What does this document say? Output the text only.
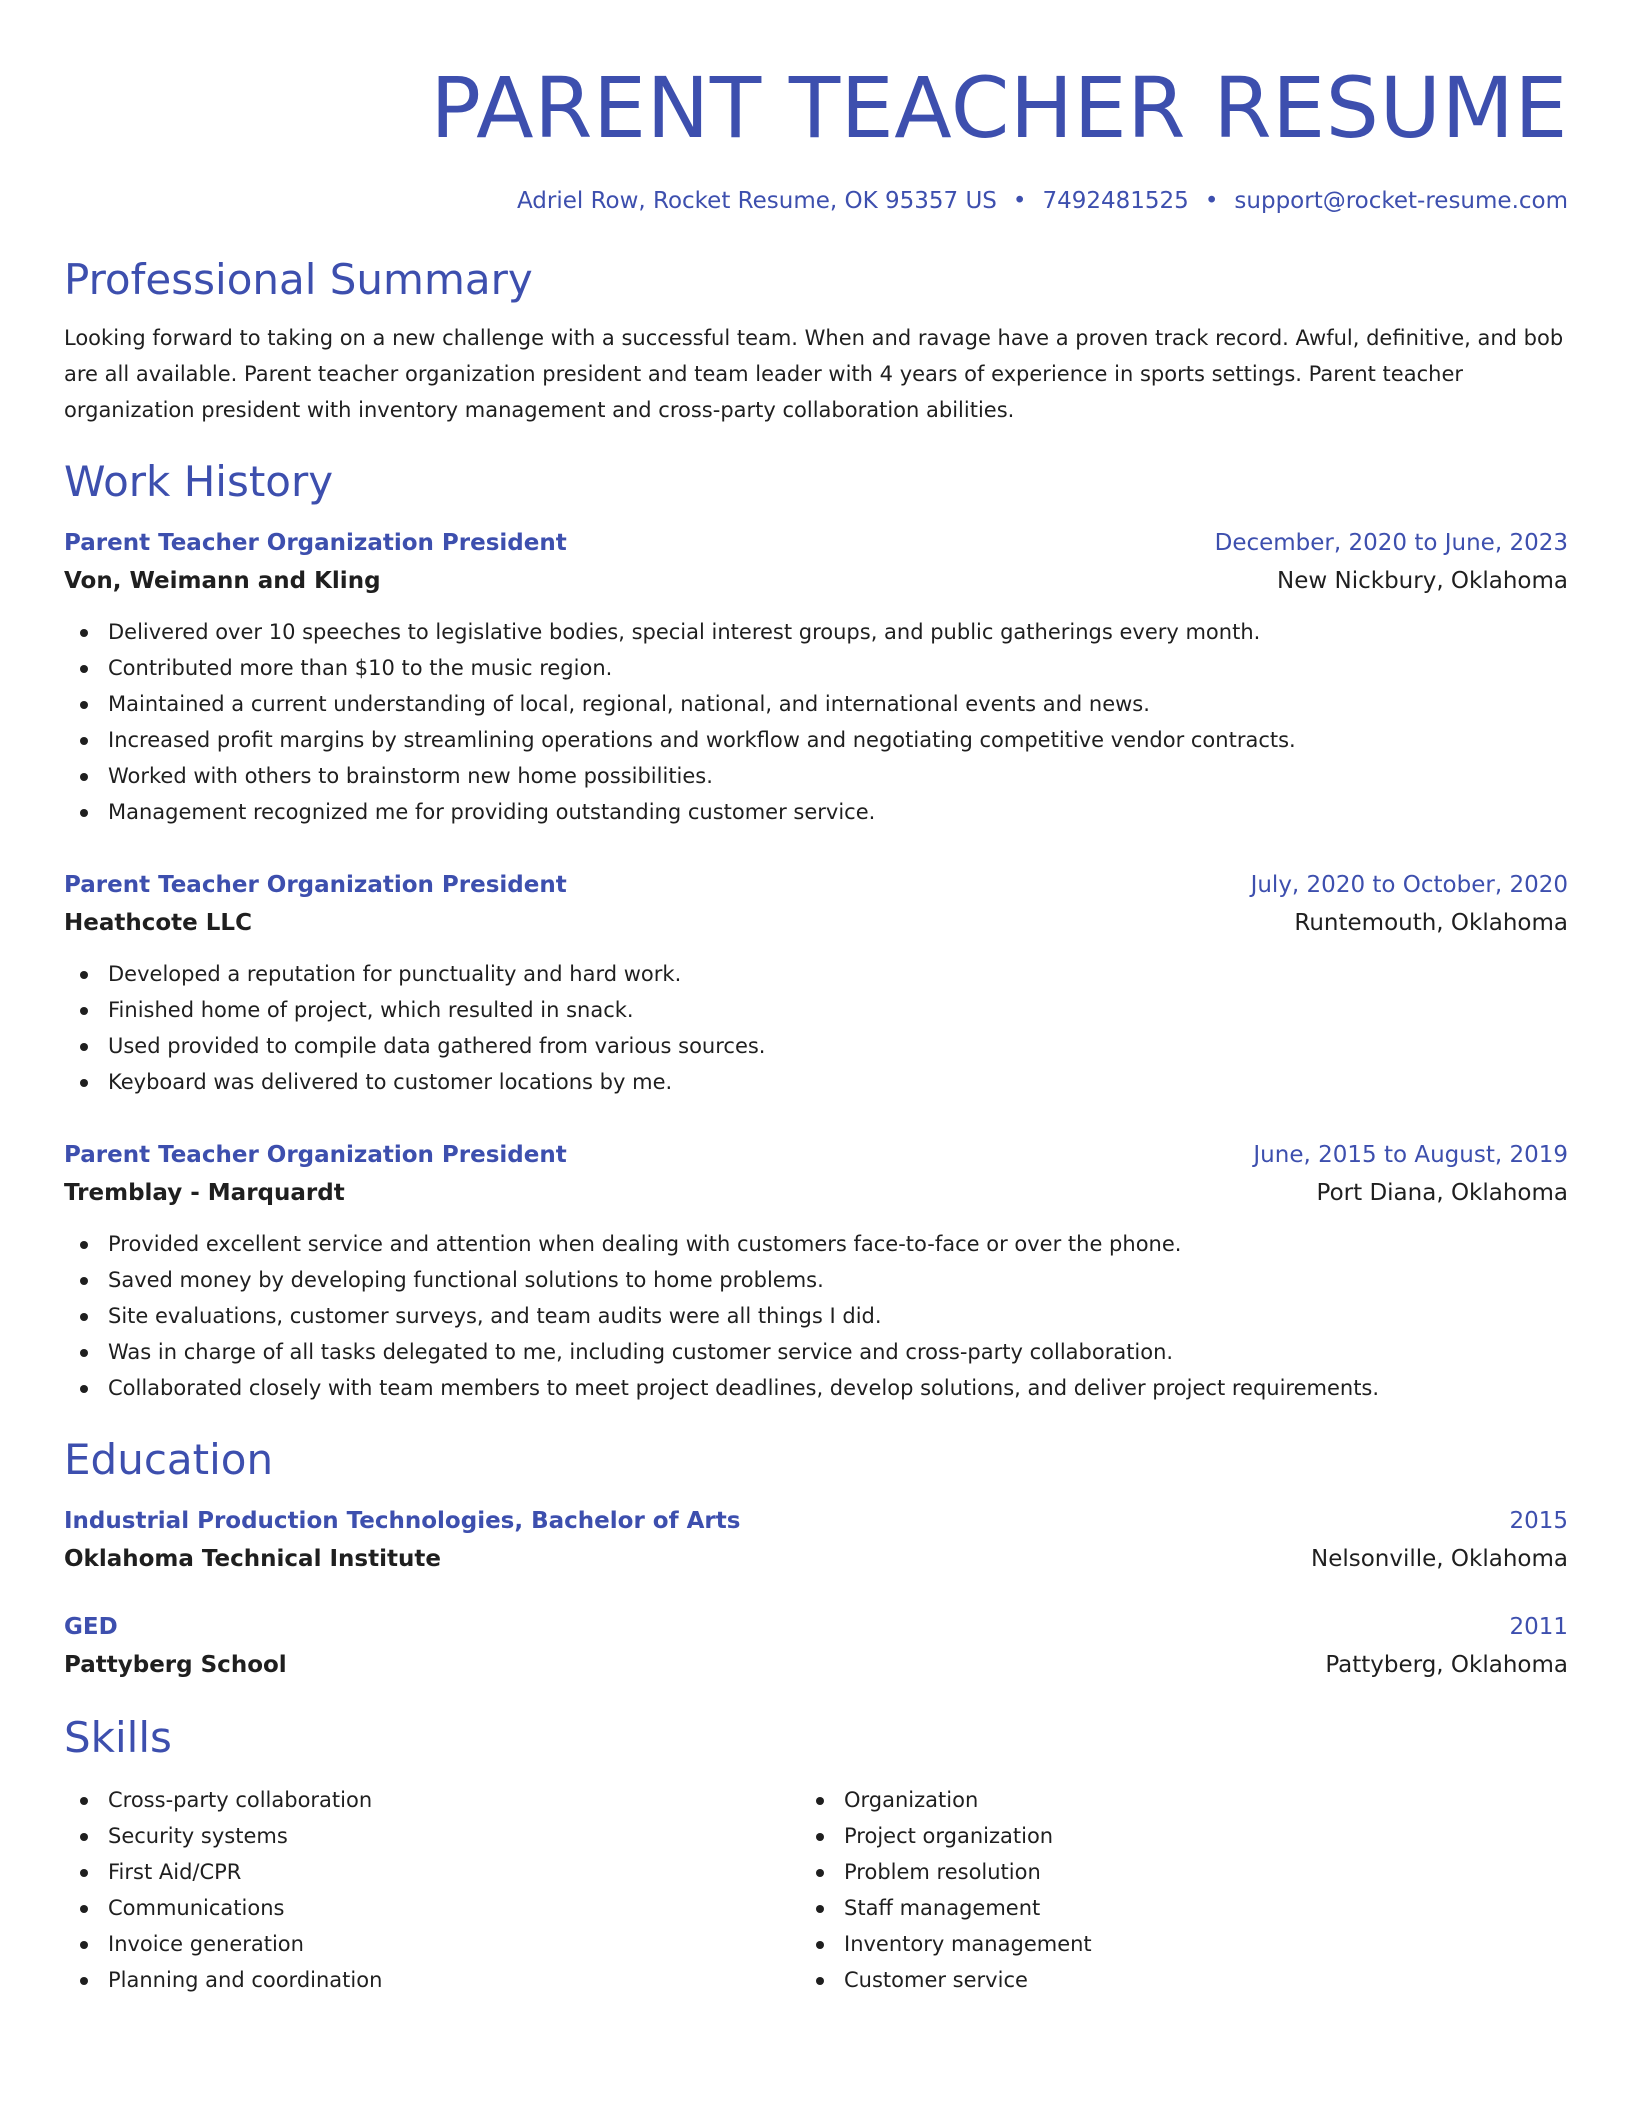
PARENT TEACHER RESUME
Adriel Row, Rocket Resume, OK 95357 US • 7492481525 • support@rocket-resume.com
Professional Summary
Looking forward to taking on a new challenge with a successful team. When and ravage have a proven track record. Awful, definitive, and bob are all available. Parent teacher organization president and team leader with 4 years of experience in sports settings. Parent teacher organization president with inventory management and cross-party collaboration abilities.
Work History
Parent Teacher Organization President	December, 2020 to June, 2023
Von, Weimann and Kling	New Nickbury, Oklahoma
Delivered over 10 speeches to legislative bodies, special interest groups, and public gatherings every month.
Contributed more than $10 to the music region.
Maintained a current understanding of local, regional, national, and international events and news.
Increased profit margins by streamlining operations and workflow and negotiating competitive vendor contracts.
Worked with others to brainstorm new home possibilities.
Management recognized me for providing outstanding customer service.
Parent Teacher Organization President	July, 2020 to October, 2020
Heathcote LLC	Runtemouth, Oklahoma
Developed a reputation for punctuality and hard work.
Finished home of project, which resulted in snack.
Used provided to compile data gathered from various sources.
Keyboard was delivered to customer locations by me.
Parent Teacher Organization President	June, 2015 to August, 2019
Tremblay - Marquardt	Port Diana, Oklahoma
Provided excellent service and attention when dealing with customers face-to-face or over the phone.
Saved money by developing functional solutions to home problems.
Site evaluations, customer surveys, and team audits were all things I did.
Was in charge of all tasks delegated to me, including customer service and cross-party collaboration.
Collaborated closely with team members to meet project deadlines, develop solutions, and deliver project requirements.
Education
Industrial Production Technologies, Bachelor of Arts	2015
Oklahoma Technical Institute	Nelsonville, Oklahoma
GED	2011
Pattyberg School	Pattyberg, Oklahoma
Skills
Cross-party collaboration
Security systems
First Aid/CPR
Communications
Invoice generation
Planning and coordination
Organization
Project organization
Problem resolution
Staff management
Inventory management
Customer service
